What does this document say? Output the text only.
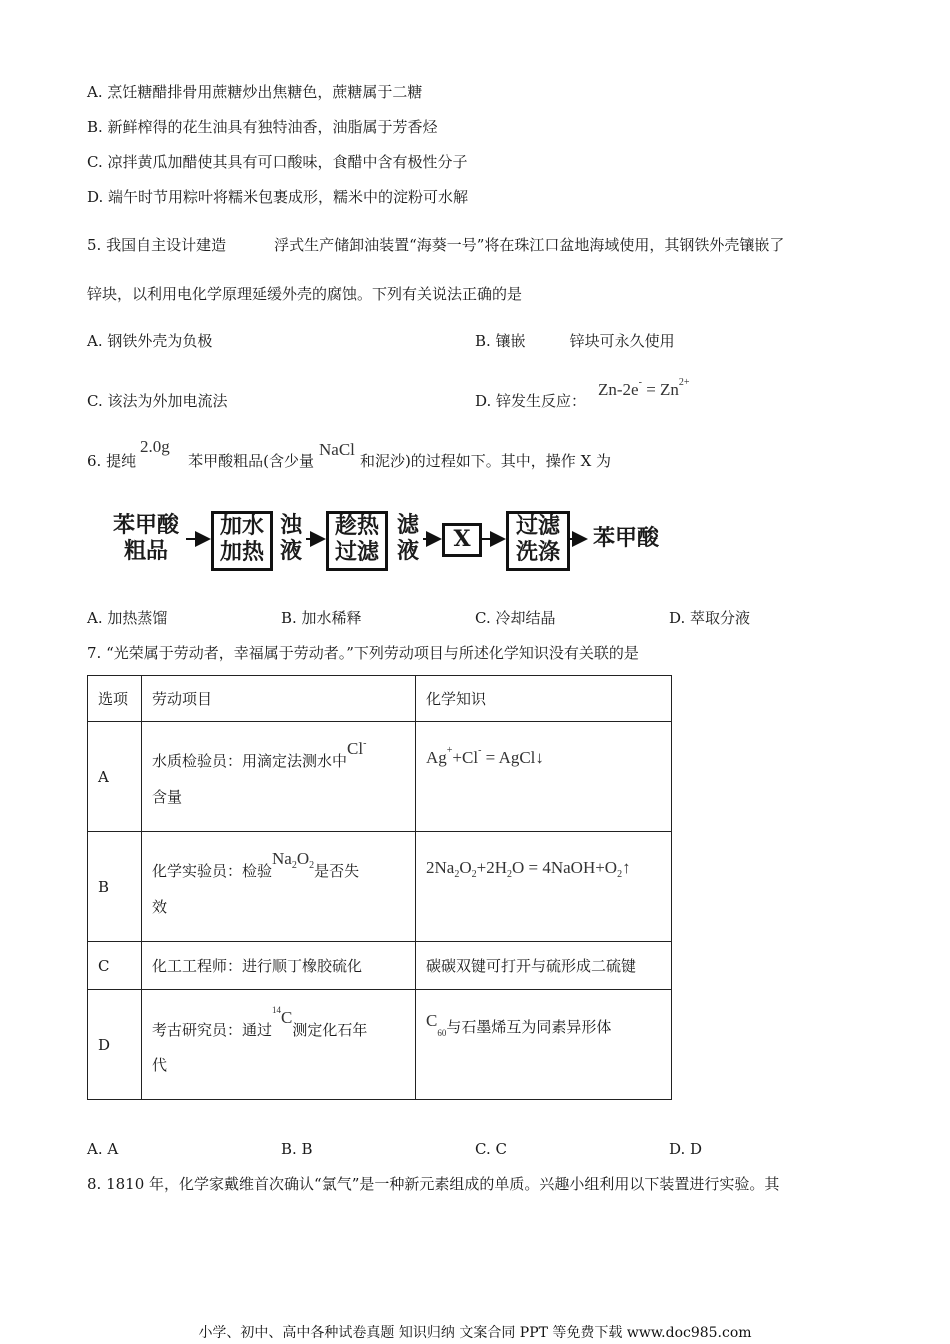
A. 烹饪糖醋排骨用蔗糖炒出焦糖色，蔗糖属于二糖
B. 新鲜榨得的花生油具有独特油香，油脂属于芳香烃
C. 凉拌黄瓜加醋使其具有可口酸味，食醋中含有极性分子
D. 端午时节用粽叶将糯米包裹成形，糯米中的淀粉可水解
5. 我国自主设计建造	浮式生产储卸油装置“海葵一号”将在珠江口盆地海域使用，其钢铁外壳镶嵌了
锌块，以利用电化学原理延缓外壳的腐蚀。下列有关说法正确的是
A. 钢铁外壳为负极	B. 镶嵌	锌块可永久使用
C. 该法为外加电流法	D. 锌发生反应：
$Zn-2e^- = Zn^{2+}$
6. 提纯	苯甲酸粗品(含少量	和泥沙)的过程如下。其中，操作 X 为
2.0g	NaCl
苯甲酸
粗品
加水
加热
浊
液
趁热
过滤
滤
液	X	过滤
洗涤
苯甲酸
A. 加热蒸馏	B. 加水稀释	C. 冷却结晶	D. 萃取分液
7. “光荣属于劳动者，幸福属于劳动者。”下列劳动项目与所述化学知识没有关联的是
选项	劳动项目	化学知识
A	水质检验员：用滴定法测水中Cl-
含量	Ag++Cl- = AgCl↓
B	化学实验员：检验$Na_2O_2$是否失
效	$2Na_2O_2+2H_2O$ = $4NaOH+O_2↑$
C	化工工程师：进行顺丁橡胶硫化	碳碳双键可打开与硫形成二硫键
D	考古研究员：通过$^{14}$C测定化石年
代	$C_{60}$与石墨烯互为同素异形体
A. A	B. B	C. C	D. D
8. 1810 年，化学家戴维首次确认“氯气”是一种新元素组成的单质。兴趣小组利用以下装置进行实验。其
小学、初中、高中各种试卷真题 知识归纳 文案合同 PPT 等免费下载 www.doc985.com
